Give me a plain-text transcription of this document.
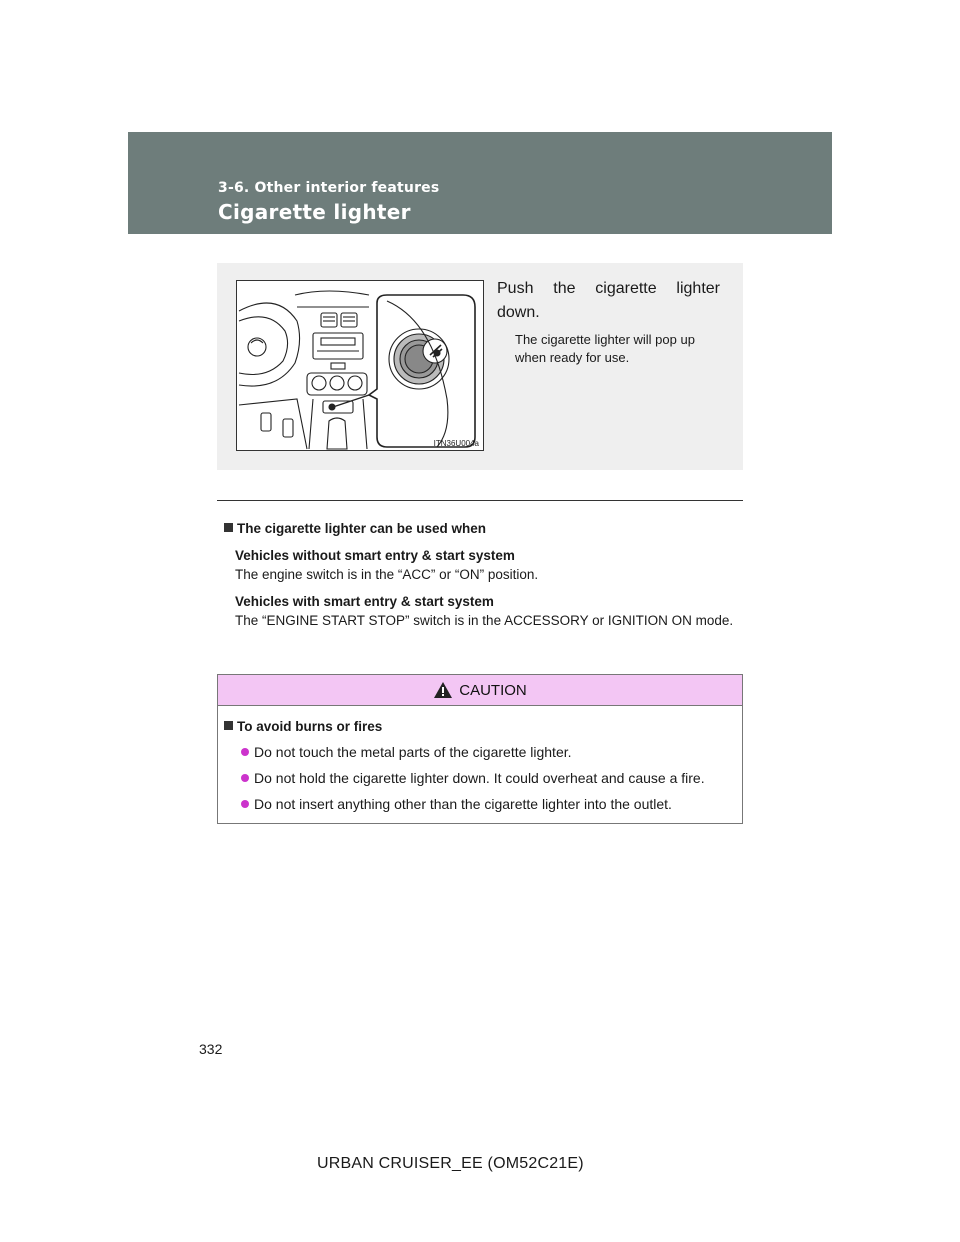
3-6. Other interior features
Cigarette lighter
ITN36U004a
Push the cigarette lighter down.
The cigarette lighter will pop up when ready for use.
The cigarette lighter can be used when
Vehicles without smart entry & start system
The engine switch is in the “ACC” or “ON” position.
Vehicles with smart entry & start system
The “ENGINE START STOP” switch is in the ACCESSORY or IGNITION ON mode.
CAUTION
To avoid burns or fires
Do not touch the metal parts of the cigarette lighter.
Do not hold the cigarette lighter down. It could overheat and cause a fire.
Do not insert anything other than the cigarette lighter into the outlet.
332
URBAN CRUISER_EE (OM52C21E)
